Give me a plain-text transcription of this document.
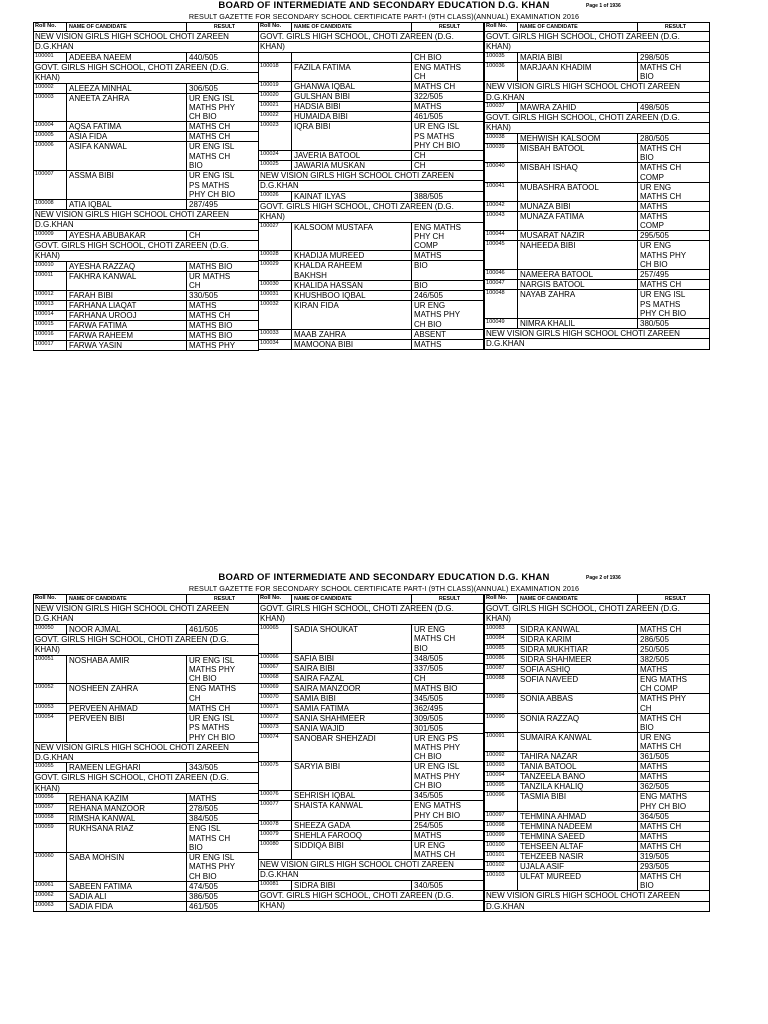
BOARD OF INTERMEDIATE AND SECONDARY EDUCATION D.G. KHAN	Page 1 of 1936
RESULT GAZETTE FOR SECONDARY SCHOOL CERTIFICATE PART-I (9TH CLASS)(ANNUAL) EXAMINATION 2016
Roll No.	NAME OF CANDIDATE	RESULT
NEW VISION GIRLS HIGH SCHOOL CHOTI ZAREEN
D.G.KHAN
100001	ADEEBA NAEEM	440/505
GOVT. GIRLS HIGH SCHOOL, CHOTI ZAREEN (D.G.
KHAN)
100002	ALEEZA MINHAL	306/505
100003	ANEETA ZAHRA	UR ENG ISL
MATHS PHY
CH BIO
100004	AQSA FATIMA	MATHS CH
100005	ASIA FIDA	MATHS CH
100006	ASIFA KANWAL	UR ENG ISL
MATHS CH
BIO
100007	ASSMA BIBI	UR ENG ISL
PS MATHS
PHY CH BIO
100008	ATIA IQBAL	287/495
NEW VISION GIRLS HIGH SCHOOL CHOTI ZAREEN
D.G.KHAN
100009	AYESHA ABUBAKAR	CH
GOVT. GIRLS HIGH SCHOOL, CHOTI ZAREEN (D.G.
KHAN)
100010	AYESHA RAZZAQ	MATHS BIO
100011	FAKHRA KANWAL	UR MATHS
CH
100012	FARAH BIBI	330/505
100013	FARHANA LIAQAT	MATHS
100014	FARHANA UROOJ	MATHS CH
100015	FARWA FATIMA	MATHS BIO
100016	FARWA RAHEEM	MATHS BIO
100017	FARWA YASIN	MATHS PHY
Roll No.	NAME OF CANDIDATE	RESULT
GOVT. GIRLS HIGH SCHOOL, CHOTI ZAREEN (D.G.
KHAN)
CH BIO
100018	FAZILA FATIMA	ENG MATHS
CH
100019	GHANWA IQBAL	MATHS CH
100020	GULSHAN BIBI	322/505
100021	HADSIA BIBI	MATHS
100022	HUMAIDA BIBI	461/505
100023	IQRA BIBI	UR ENG ISL
PS MATHS
PHY CH BIO
100024	JAVERIA BATOOL	CH
100025	JAWARIA MUSKAN	CH
NEW VISION GIRLS HIGH SCHOOL CHOTI ZAREEN
D.G.KHAN
100026	KAINAT ILYAS	388/505
GOVT. GIRLS HIGH SCHOOL, CHOTI ZAREEN (D.G.
KHAN)
100027	KALSOOM MUSTAFA	ENG MATHS
PHY CH
COMP
100028	KHADIJA MUREED	MATHS
100029	KHALDA RAHEEM
BAKHSH
BIO
100030	KHALIDA HASSAN	BIO
100031	KHUSHBOO IQBAL	246/505
100032	KIRAN FIDA	UR ENG
MATHS PHY
CH BIO
100033	MAAB ZAHRA	ABSENT
100034	MAMOONA BIBI	MATHS
Roll No.	NAME OF CANDIDATE	RESULT
GOVT. GIRLS HIGH SCHOOL, CHOTI ZAREEN (D.G.
KHAN)
100035	MARIA BIBI	298/505
100036	MARJAAN KHADIM	MATHS CH
BIO
NEW VISION GIRLS HIGH SCHOOL CHOTI ZAREEN
D.G.KHAN
100037	MAWRA ZAHID	498/505
GOVT. GIRLS HIGH SCHOOL, CHOTI ZAREEN (D.G.
KHAN)
100038	MEHWISH KALSOOM	280/505
100039	MISBAH BATOOL	MATHS CH
BIO
100040	MISBAH ISHAQ	MATHS CH
COMP
100041	MUBASHRA BATOOL	UR ENG
MATHS CH
100042	MUNAZA BIBI	MATHS
100043	MUNAZA FATIMA	MATHS
COMP
100044	MUSARAT NAZIR	295/505
100045	NAHEEDA BIBI	UR ENG
MATHS PHY
CH BIO
100046	NAMEERA BATOOL	257/495
100047	NARGIS BATOOL	MATHS CH
100048	NAYAB ZAHRA	UR ENG ISL
PS MATHS
PHY CH BIO
100049	NIMRA KHALIL	380/505
NEW VISION GIRLS HIGH SCHOOL CHOTI ZAREEN
D.G.KHAN
BOARD OF INTERMEDIATE AND SECONDARY EDUCATION D.G. KHAN	Page 2 of 1936
RESULT GAZETTE FOR SECONDARY SCHOOL CERTIFICATE PART-I (9TH CLASS)(ANNUAL) EXAMINATION 2016
Roll No.	NAME OF CANDIDATE	RESULT
NEW VISION GIRLS HIGH SCHOOL CHOTI ZAREEN
D.G.KHAN
100050	NOOR AJMAL	461/505
GOVT. GIRLS HIGH SCHOOL, CHOTI ZAREEN (D.G.
KHAN)
100051	NOSHABA AMIR	UR ENG ISL
MATHS PHY
CH BIO
100052	NOSHEEN ZAHRA	ENG MATHS
CH
100053	PERVEEN AHMAD	MATHS CH
100054	PERVEEN BIBI	UR ENG ISL
PS MATHS
PHY CH BIO
NEW VISION GIRLS HIGH SCHOOL CHOTI ZAREEN
D.G.KHAN
100055	RAMEEN LEGHARI	343/505
GOVT. GIRLS HIGH SCHOOL, CHOTI ZAREEN (D.G.
KHAN)
100056	REHANA KAZIM	MATHS
100057	REHANA MANZOOR	278/505
100058	RIMSHA KANWAL	384/505
100059	RUKHSANA RIAZ	ENG ISL
MATHS CH
BIO
100060	SABA MOHSIN	UR ENG ISL
MATHS PHY
CH BIO
100061	SABEEN FATIMA	474/505
100062	SADIA ALI	386/505
100063	SADIA FIDA	461/505
Roll No.	NAME OF CANDIDATE	RESULT
GOVT. GIRLS HIGH SCHOOL, CHOTI ZAREEN (D.G.
KHAN)
100065	SADIA SHOUKAT	UR ENG
MATHS CH
BIO
100066	SAFIA BIBI	348/505
100067	SAIRA BIBI	337/505
100068	SAIRA FAZAL	CH
100069	SAIRA MANZOOR	MATHS BIO
100070	SAMIA BIBI	345/505
100071	SAMIA FATIMA	362/495
100072	SANIA SHAHMEER	309/505
100073	SANIA WAJID	301/505
100074	SANOBAR SHEHZADI	UR ENG PS
MATHS PHY
CH BIO
100075	SARYIA BIBI	UR ENG ISL
MATHS PHY
CH BIO
100076	SEHRISH IQBAL	345/505
100077	SHAISTA KANWAL	ENG MATHS
PHY CH BIO
100078	SHEEZA GADA	254/505
100079	SHEHLA FAROOQ	MATHS
100080	SIDDIQA BIBI	UR ENG
MATHS CH
NEW VISION GIRLS HIGH SCHOOL CHOTI ZAREEN
D.G.KHAN
100081	SIDRA BIBI	340/505
GOVT. GIRLS HIGH SCHOOL, CHOTI ZAREEN (D.G.
KHAN)
Roll No.	NAME OF CANDIDATE	RESULT
GOVT. GIRLS HIGH SCHOOL, CHOTI ZAREEN (D.G.
KHAN)
100083	SIDRA KANWAL	MATHS CH
100084	SIDRA KARIM	286/505
100085	SIDRA MUKHTIAR	250/505
100086	SIDRA SHAHMEER	382/505
100087	SOFIA ASHIQ	MATHS
100088	SOFIA NAVEED	ENG MATHS
CH COMP
100089	SONIA ABBAS	MATHS PHY
CH
100090	SONIA RAZZAQ	MATHS CH
BIO
100091	SUMAIRA KANWAL	UR ENG
MATHS CH
100092	TAHIRA NAZAR	361/505
100093	TANIA BATOOL	MATHS
100094	TANZEELA BANO	MATHS
100095	TANZILA KHALIQ	362/505
100096	TASMIA BIBI	ENG MATHS
PHY CH BIO
100097	TEHMINA AHMAD	364/505
100098	TEHMINA NADEEM	MATHS CH
100099	TEHMINA SAEED	MATHS
100100	TEHSEEN ALTAF	MATHS CH
100101	TEHZEEB NASIR	319/505
100102	UJALA ASIF	293/505
100103	ULFAT MUREED	MATHS CH
BIO
NEW VISION GIRLS HIGH SCHOOL CHOTI ZAREEN
D.G.KHAN
